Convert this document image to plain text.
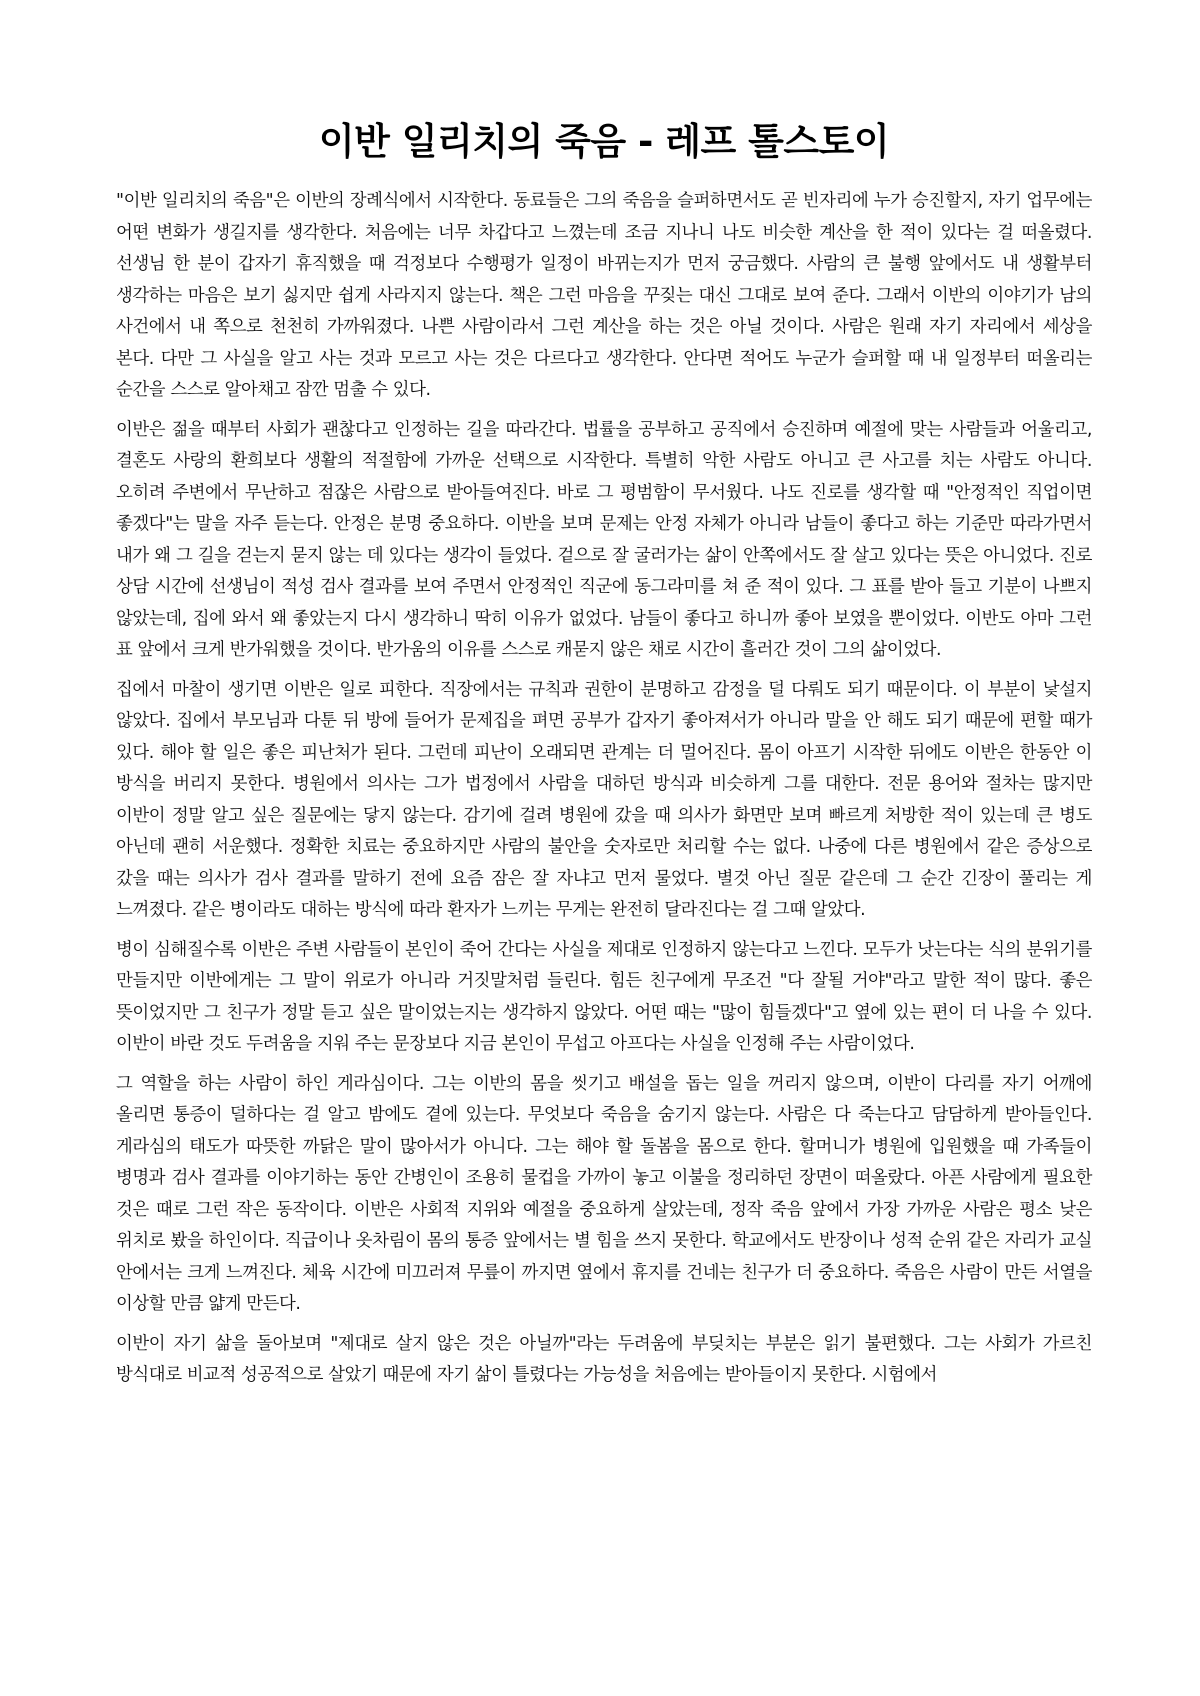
이반 일리치의 죽음 - 레프 톨스토이

"이반 일리치의 죽음"은 이반의 장례식에서 시작한다. 동료들은 그의 죽음을 슬퍼하면서도 곧 빈자리에 누가 승진할지, 자기 업무에는 어떤 변화가 생길지를 생각한다. 처음에는 너무 차갑다고 느꼈는데 조금 지나니 나도 비슷한 계산을 한 적이 있다는 걸 떠올렸다. 선생님 한 분이 갑자기 휴직했을 때 걱정보다 수행평가 일정이 바뀌는지가 먼저 궁금했다. 사람의 큰 불행 앞에서도 내 생활부터 생각하는 마음은 보기 싫지만 쉽게 사라지지 않는다. 책은 그런 마음을 꾸짖는 대신 그대로 보여 준다. 그래서 이반의 이야기가 남의 사건에서 내 쪽으로 천천히 가까워졌다. 나쁜 사람이라서 그런 계산을 하는 것은 아닐 것이다. 사람은 원래 자기 자리에서 세상을 본다. 다만 그 사실을 알고 사는 것과 모르고 사는 것은 다르다고 생각한다. 안다면 적어도 누군가 슬퍼할 때 내 일정부터 떠올리는 순간을 스스로 알아채고 잠깐 멈출 수 있다.

이반은 젊을 때부터 사회가 괜찮다고 인정하는 길을 따라간다. 법률을 공부하고 공직에서 승진하며 예절에 맞는 사람들과 어울리고, 결혼도 사랑의 환희보다 생활의 적절함에 가까운 선택으로 시작한다. 특별히 악한 사람도 아니고 큰 사고를 치는 사람도 아니다. 오히려 주변에서 무난하고 점잖은 사람으로 받아들여진다. 바로 그 평범함이 무서웠다. 나도 진로를 생각할 때 "안정적인 직업이면 좋겠다"는 말을 자주 듣는다. 안정은 분명 중요하다. 이반을 보며 문제는 안정 자체가 아니라 남들이 좋다고 하는 기준만 따라가면서 내가 왜 그 길을 걷는지 묻지 않는 데 있다는 생각이 들었다. 겉으로 잘 굴러가는 삶이 안쪽에서도 잘 살고 있다는 뜻은 아니었다. 진로 상담 시간에 선생님이 적성 검사 결과를 보여 주면서 안정적인 직군에 동그라미를 쳐 준 적이 있다. 그 표를 받아 들고 기분이 나쁘지 않았는데, 집에 와서 왜 좋았는지 다시 생각하니 딱히 이유가 없었다. 남들이 좋다고 하니까 좋아 보였을 뿐이었다. 이반도 아마 그런 표 앞에서 크게 반가워했을 것이다. 반가움의 이유를 스스로 캐묻지 않은 채로 시간이 흘러간 것이 그의 삶이었다.

집에서 마찰이 생기면 이반은 일로 피한다. 직장에서는 규칙과 권한이 분명하고 감정을 덜 다뤄도 되기 때문이다. 이 부분이 낯설지 않았다. 집에서 부모님과 다툰 뒤 방에 들어가 문제집을 펴면 공부가 갑자기 좋아져서가 아니라 말을 안 해도 되기 때문에 편할 때가 있다. 해야 할 일은 좋은 피난처가 된다. 그런데 피난이 오래되면 관계는 더 멀어진다. 몸이 아프기 시작한 뒤에도 이반은 한동안 이 방식을 버리지 못한다. 병원에서 의사는 그가 법정에서 사람을 대하던 방식과 비슷하게 그를 대한다. 전문 용어와 절차는 많지만 이반이 정말 알고 싶은 질문에는 닿지 않는다. 감기에 걸려 병원에 갔을 때 의사가 화면만 보며 빠르게 처방한 적이 있는데 큰 병도 아닌데 괜히 서운했다. 정확한 치료는 중요하지만 사람의 불안을 숫자로만 처리할 수는 없다. 나중에 다른 병원에서 같은 증상으로 갔을 때는 의사가 검사 결과를 말하기 전에 요즘 잠은 잘 자냐고 먼저 물었다. 별것 아닌 질문 같은데 그 순간 긴장이 풀리는 게 느껴졌다. 같은 병이라도 대하는 방식에 따라 환자가 느끼는 무게는 완전히 달라진다는 걸 그때 알았다.

병이 심해질수록 이반은 주변 사람들이 본인이 죽어 간다는 사실을 제대로 인정하지 않는다고 느낀다. 모두가 낫는다는 식의 분위기를 만들지만 이반에게는 그 말이 위로가 아니라 거짓말처럼 들린다. 힘든 친구에게 무조건 "다 잘될 거야"라고 말한 적이 많다. 좋은 뜻이었지만 그 친구가 정말 듣고 싶은 말이었는지는 생각하지 않았다. 어떤 때는 "많이 힘들겠다"고 옆에 있는 편이 더 나을 수 있다. 이반이 바란 것도 두려움을 지워 주는 문장보다 지금 본인이 무섭고 아프다는 사실을 인정해 주는 사람이었다.

그 역할을 하는 사람이 하인 게라심이다. 그는 이반의 몸을 씻기고 배설을 돕는 일을 꺼리지 않으며, 이반이 다리를 자기 어깨에 올리면 통증이 덜하다는 걸 알고 밤에도 곁에 있는다. 무엇보다 죽음을 숨기지 않는다. 사람은 다 죽는다고 담담하게 받아들인다. 게라심의 태도가 따뜻한 까닭은 말이 많아서가 아니다. 그는 해야 할 돌봄을 몸으로 한다. 할머니가 병원에 입원했을 때 가족들이 병명과 검사 결과를 이야기하는 동안 간병인이 조용히 물컵을 가까이 놓고 이불을 정리하던 장면이 떠올랐다. 아픈 사람에게 필요한 것은 때로 그런 작은 동작이다. 이반은 사회적 지위와 예절을 중요하게 살았는데, 정작 죽음 앞에서 가장 가까운 사람은 평소 낮은 위치로 봤을 하인이다. 직급이나 옷차림이 몸의 통증 앞에서는 별 힘을 쓰지 못한다. 학교에서도 반장이나 성적 순위 같은 자리가 교실 안에서는 크게 느껴진다. 체육 시간에 미끄러져 무릎이 까지면 옆에서 휴지를 건네는 친구가 더 중요하다. 죽음은 사람이 만든 서열을 이상할 만큼 얇게 만든다.

이반이 자기 삶을 돌아보며 "제대로 살지 않은 것은 아닐까"라는 두려움에 부딪치는 부분은 읽기 불편했다. 그는 사회가 가르친 방식대로 비교적 성공적으로 살았기 때문에 자기 삶이 틀렸다는 가능성을 처음에는 받아들이지 못한다. 시험에서
